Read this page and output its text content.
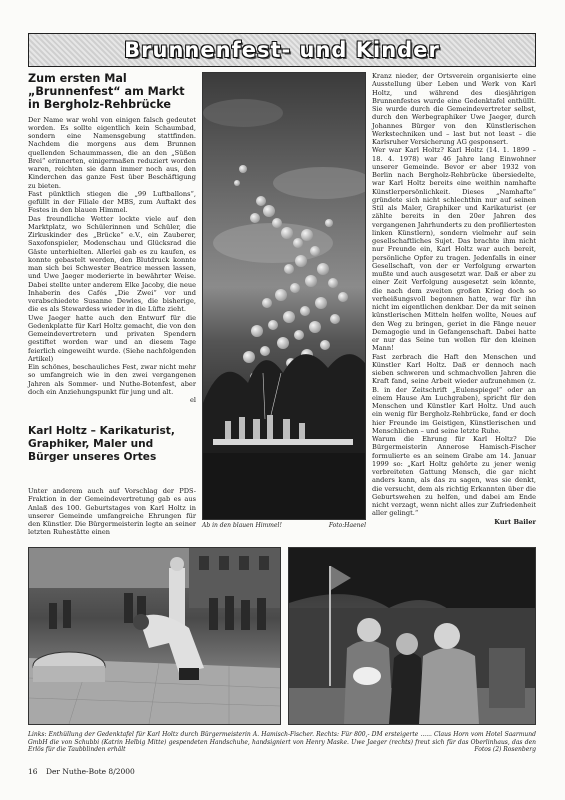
Brunnenfest- und Kinder
Zum ersten Mal „Brunnenfest“ am Markt in Bergholz-Rehbrücke

Der Name war wohl von einigen falsch gedeutet worden. Es sollte eigentlich kein Schaumbad, sondern eine Namensgebung stattfinden. Nachdem die morgens aus dem Brunnen quellenden Schaummassen, die an den „Süßen Brei“ erinnerten, einigermaßen reduziert worden waren, reichten sie dann immer noch aus, den Kinderchen das ganze Fest über Beschäftigung zu bieten.

Fast pünktlich stiegen die „99 Luftballons“, gefüllt in der Filiale der MBS, zum Auftakt des Festes in den blauen Himmel.

Das freundliche Wetter lockte viele auf den Marktplatz, wo Schülerinnen und Schüler, die Zirkuskinder des „Brücke“ e.V., ein Zauberer, Saxofonspieler, Modenschau und Glücksrad die Gäste unterhielten. Allerlei gab es zu kaufen, es konnte gebastelt werden, den Blutdruck konnte man sich bei Schwester Beatrice messen lassen, und Uwe Jaeger moderierte in bewährter Weise. Dabei stellte unter anderem Elke Jacoby, die neue Inhaberin des Cafés „Die Zwei“ vor und verabschiedete Susanne Dewies, die bisherige, die es als Stewardess wieder in die Lüfte zieht.

Uwe Jaeger hatte auch den Entwurf für die Gedenkplatte für Karl Holtz gemacht, die von den Gemeindevertretern und privaten Spendern gestiftet worden war und an diesem Tage feierlich eingeweiht wurde. (Siehe nachfolgenden Artikel)

Ein schönes, beschauliches Fest, zwar nicht mehr so umfangreich wie in den zwei vergangenen Jahren als Sommer- und Nuthe-Botenfest, aber doch ein Anziehungspunkt für jung und alt.

el

Karl Holtz – Karikaturist, Graphiker, Maler und Bürger unseres Ortes

Unter anderem auch auf Vorschlag der PDS-Fraktion in der Gemeindevertretung gab es aus Anlaß des 100. Geburtstages von Karl Holtz in unserer Gemeinde umfangreiche Ehrungen für den Künstler. Die Bürgermeisterin legte an seiner letzten Ruhestätte einen

Ab in den blauen Himmel!	Foto:Haenel

Kranz nieder, der Ortsverein organisierte eine Ausstellung über Leben und Werk von Karl Holtz, und während des diesjährigen Brunnenfestes wurde eine Gedenktafel enthüllt. Sie wurde durch die Gemeindevertreter selbst, durch den Werbegraphiker Uwe Jaeger, durch Johannes Bürger von den Künstlerischen Werkstechniken und – last but not least – die Karlsruher Versicherung AG gesponsert.

Wer war Karl Holtz? Karl Holtz (14. 1. 1899 – 18. 4. 1978) war 46 Jahre lang Einwohner unserer Gemeinde. Bevor er aber 1932 von Berlin nach Bergholz-Rehbrücke übersiedelte, war Karl Holtz bereits eine weithin namhafte Künstlerpersönlichkeit. Dieses „Namhafte“ gründete sich nicht schlechthin nur auf seinen Stil als Maler, Graphiker und Karikaturist (er zählte bereits in den 20er Jahren des vergangenen Jahrhunderts zu den profiliertesten linken Künstlern), sondern vielmehr auf sein gesellschaftliches Sujet. Das brachte ihm nicht nur Freunde ein, Karl Holtz war auch bereit, persönliche Opfer zu tragen. Jedenfalls in einer Gesellschaft, von der er Verfolgung erwarten mußte und auch ausgesetzt war. Daß er aber zu einer Zeit Verfolgung ausgesetzt sein könnte, die nach dem zweiten großen Krieg doch so verheißungsvoll begonnen hatte, war für ihn nicht im eigentlichen denkbar. Der da mit seinen künstlerischen Mitteln helfen wollte, Neues auf den Weg zu bringen, geriet in die Fänge neuer Demagogie und in Gefangenschaft. Dabei hatte er nur das Seine tun wollen für den kleinen Mann!

Fast zerbrach die Haft den Menschen und Künstler Karl Holtz. Daß er dennoch nach sieben schweren und schmachvollen Jahren die Kraft fand, seine Arbeit wieder aufzunehmen (z. B. in der Zeitschrift „Eulenspiegel“ oder an einem Hause Am Luchgraben), spricht für den Menschen und Künstler Karl Holtz. Und auch ein wenig für Bergholz-Rehbrücke, fand er doch hier Freunde im Geistigen, Künstlerischen und Menschlichen – und seine letzte Ruhe.

Warum die Ehrung für Karl Holtz? Die Bürgermeisterin Annerose Hamisch-Fischer formulierte es an seinem Grabe am 14. Januar 1999 so: „Karl Holtz gehörte zu jener wenig verbreiteten Gattung Mensch, die gar nicht anders kann, als das zu sagen, was sie denkt, die versucht, dem als richtig Erkannten über die Geburtswehen zu helfen, und dabei am Ende nicht verzagt, wenn nicht alles zur Zufriedenheit aller gelingt.“

Kurt Bailer

Links: Enthüllung der Gedenktafel für Karl Holtz durch Bürgermeisterin A. Hamisch-Fischer. Rechts: Für 800,- DM ersteigerte ...... Claus Horn vom Hotel Saarmund GmbH die von Schubbi (Katrin Helbig Mitte) gespendeten Handschuhe, handsigniert von Henry Maske. Uwe Jaeger (rechts) freut sich für das Oberlinhaus, das den Erlös für die Taubblinden erhält	Fotos (2) Rosenberg
16 Der Nuthe-Bote 8/2000
